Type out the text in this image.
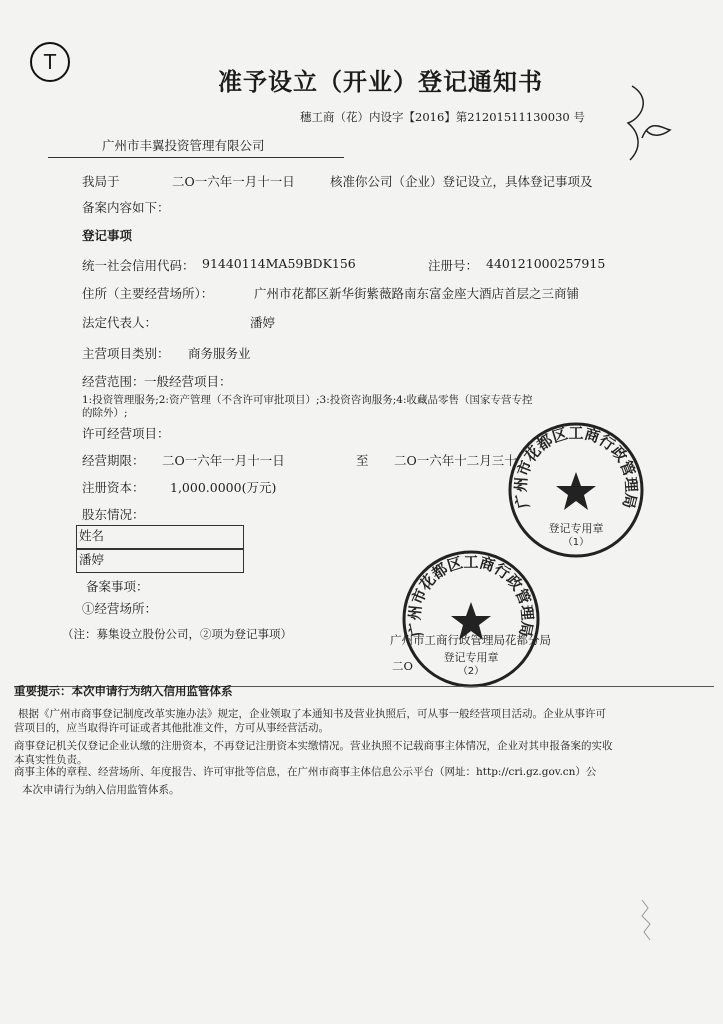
T
准予设立（开业）登记通知书
穗工商（花）内设字【2016】第21201511130030 号
广州市丰翼投资管理有限公司
我局于	二O一六年一月十一日	核准你公司（企业）登记设立，具体登记事项及
备案内容如下：
登记事项
统一社会信用代码： 91440114MA59BDK156	注册号： 440121000257915
住所（主要经营场所）：	广州市花都区新华街紫薇路南东富金座大酒店首层之三商铺
法定代表人：	潘婷
主营项目类别： 商务服务业
经营范围： 一般经营项目：
1:投资管理服务;2:资产管理（不含许可审批项目）;3:投资咨询服务;4:收藏品零售（国家专营专控
的除外）;
许可经营项目：
经营期限： 二O一六年一月十一日	至 二O一六年十二月三十
注册资本： 1,000.0000(万元)
股东情况：
姓名
潘婷
备案事项：
①经营场所：
（注：募集设立股份公司，②项为登记事项）	广州市工商行政管理局花都分局
二O
广州市花都区工商行政管理局
登记专用章
（1）
广州市花都区工商行政管理局
登记专用章
（2）
重要提示：本次申请行为纳入信用监管体系
根据《广州市商事登记制度改革实施办法》规定，企业领取了本通知书及营业执照后，可从事一般经营项目活动。企业从事许可
营项目的，应当取得许可证或者其他批准文件，方可从事经营活动。
商事登记机关仅登记企业认缴的注册资本，不再登记注册资本实缴情况。营业执照不记载商事主体情况，企业对其申报备案的实收
本真实性负责。
商事主体的章程、经营场所、年度报告、许可审批等信息，在广州市商事主体信息公示平台（网址：http://cri.gz.gov.cn）公
本次申请行为纳入信用监管体系。
